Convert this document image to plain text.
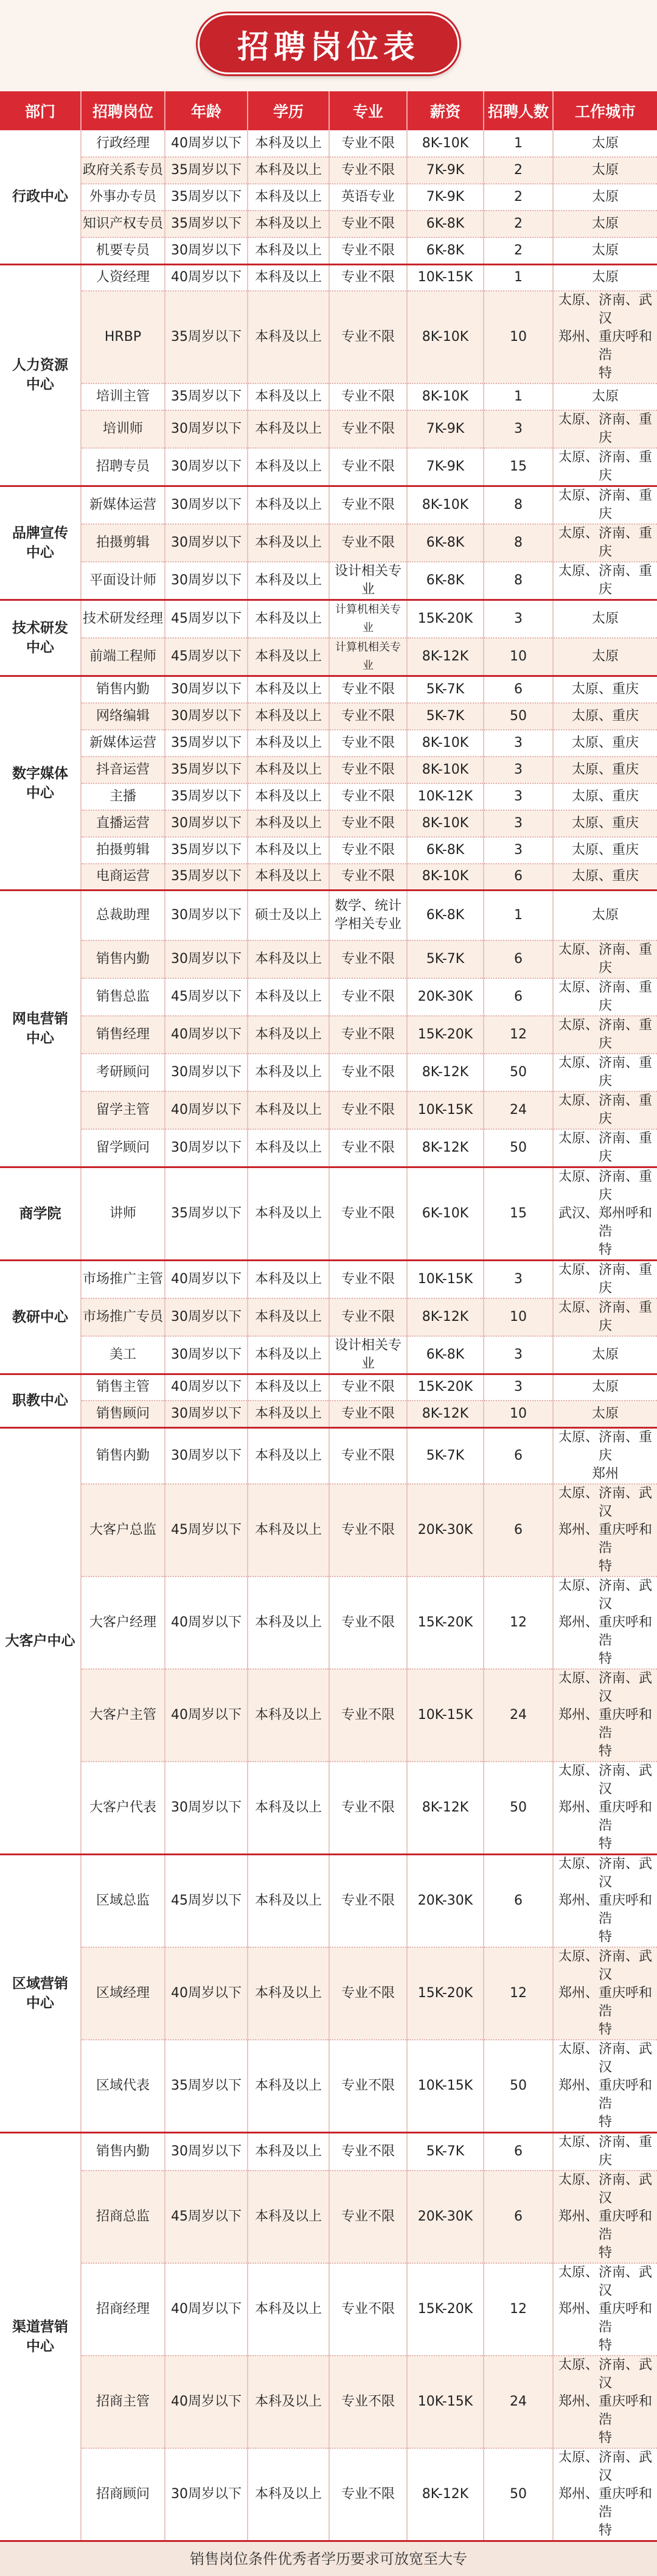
招聘岗位表
部门	招聘岗位	年龄	学历	专业	薪资	招聘人数	工作城市
行政中心	行政经理	40周岁以下	本科及以上	专业不限	8K-10K	1	太原
	政府关系专员	35周岁以下	本科及以上	专业不限	7K-9K	2	太原
	外事办专员	35周岁以下	本科及以上	英语专业	7K-9K	2	太原
	知识产权专员	35周岁以下	本科及以上	专业不限	6K-8K	2	太原
	机要专员	30周岁以下	本科及以上	专业不限	6K-8K	2	太原
人力资源
中心	人资经理	40周岁以下	本科及以上	专业不限	10K-15K	1	太原
	HRBP	35周岁以下	本科及以上	专业不限	8K-10K	10	太原、济南、武汉
郑州、重庆呼和浩
特
	培训主管	35周岁以下	本科及以上	专业不限	8K-10K	1	太原
	培训师	30周岁以下	本科及以上	专业不限	7K-9K	3	太原、济南、重庆
	招聘专员	30周岁以下	本科及以上	专业不限	7K-9K	15	太原、济南、重庆
品牌宣传
中心	新媒体运营	30周岁以下	本科及以上	专业不限	8K-10K	8	太原、济南、重庆
	拍摄剪辑	30周岁以下	本科及以上	专业不限	6K-8K	8	太原、济南、重庆
	平面设计师	30周岁以下	本科及以上	设计相关专业	6K-8K	8	太原、济南、重庆
技术研发
中心	技术研发经理	45周岁以下	本科及以上	计算机相关专业	15K-20K	3	太原
	前端工程师	45周岁以下	本科及以上	计算机相关专业	8K-12K	10	太原
数字媒体
中心	销售内勤	30周岁以下	本科及以上	专业不限	5K-7K	6	太原、重庆
	网络编辑	30周岁以下	本科及以上	专业不限	5K-7K	50	太原、重庆
	新媒体运营	35周岁以下	本科及以上	专业不限	8K-10K	3	太原、重庆
	抖音运营	35周岁以下	本科及以上	专业不限	8K-10K	3	太原、重庆
	主播	35周岁以下	本科及以上	专业不限	10K-12K	3	太原、重庆
	直播运营	30周岁以下	本科及以上	专业不限	8K-10K	3	太原、重庆
	拍摄剪辑	35周岁以下	本科及以上	专业不限	6K-8K	3	太原、重庆
	电商运营	35周岁以下	本科及以上	专业不限	8K-10K	6	太原、重庆
网电营销
中心	总裁助理	30周岁以下	硕士及以上	数学、统计
学相关专业	6K-8K	1	太原
	销售内勤	30周岁以下	本科及以上	专业不限	5K-7K	6	太原、济南、重庆
	销售总监	45周岁以下	本科及以上	专业不限	20K-30K	6	太原、济南、重庆
	销售经理	40周岁以下	本科及以上	专业不限	15K-20K	12	太原、济南、重庆
	考研顾问	30周岁以下	本科及以上	专业不限	8K-12K	50	太原、济南、重庆
	留学主管	40周岁以下	本科及以上	专业不限	10K-15K	24	太原、济南、重庆
	留学顾问	30周岁以下	本科及以上	专业不限	8K-12K	50	太原、济南、重庆
商学院	讲师	35周岁以下	本科及以上	专业不限	6K-10K	15	太原、济南、重庆
武汉、郑州呼和浩
特
教研中心	市场推广主管	40周岁以下	本科及以上	专业不限	10K-15K	3	太原、济南、重庆
	市场推广专员	30周岁以下	本科及以上	专业不限	8K-12K	10	太原、济南、重庆
	美工	30周岁以下	本科及以上	设计相关专业	6K-8K	3	太原
职教中心	销售主管	40周岁以下	本科及以上	专业不限	15K-20K	3	太原
	销售顾问	30周岁以下	本科及以上	专业不限	8K-12K	10	太原
大客户中心	销售内勤	30周岁以下	本科及以上	专业不限	5K-7K	6	太原、济南、重庆
郑州
	大客户总监	45周岁以下	本科及以上	专业不限	20K-30K	6	太原、济南、武汉
郑州、重庆呼和浩
特
	大客户经理	40周岁以下	本科及以上	专业不限	15K-20K	12	太原、济南、武汉
郑州、重庆呼和浩
特
	大客户主管	40周岁以下	本科及以上	专业不限	10K-15K	24	太原、济南、武汉
郑州、重庆呼和浩
特
	大客户代表	30周岁以下	本科及以上	专业不限	8K-12K	50	太原、济南、武汉
郑州、重庆呼和浩
特
区域营销
中心	区域总监	45周岁以下	本科及以上	专业不限	20K-30K	6	太原、济南、武汉
郑州、重庆呼和浩
特
	区域经理	40周岁以下	本科及以上	专业不限	15K-20K	12	太原、济南、武汉
郑州、重庆呼和浩
特
	区域代表	35周岁以下	本科及以上	专业不限	10K-15K	50	太原、济南、武汉
郑州、重庆呼和浩
特
渠道营销
中心	销售内勤	30周岁以下	本科及以上	专业不限	5K-7K	6	太原、济南、重庆
	招商总监	45周岁以下	本科及以上	专业不限	20K-30K	6	太原、济南、武汉
郑州、重庆呼和浩
特
	招商经理	40周岁以下	本科及以上	专业不限	15K-20K	12	太原、济南、武汉
郑州、重庆呼和浩
特
	招商主管	40周岁以下	本科及以上	专业不限	10K-15K	24	太原、济南、武汉
郑州、重庆呼和浩
特
	招商顾问	30周岁以下	本科及以上	专业不限	8K-12K	50	太原、济南、武汉
郑州、重庆呼和浩
特
销售岗位条件优秀者学历要求可放宽至大专
